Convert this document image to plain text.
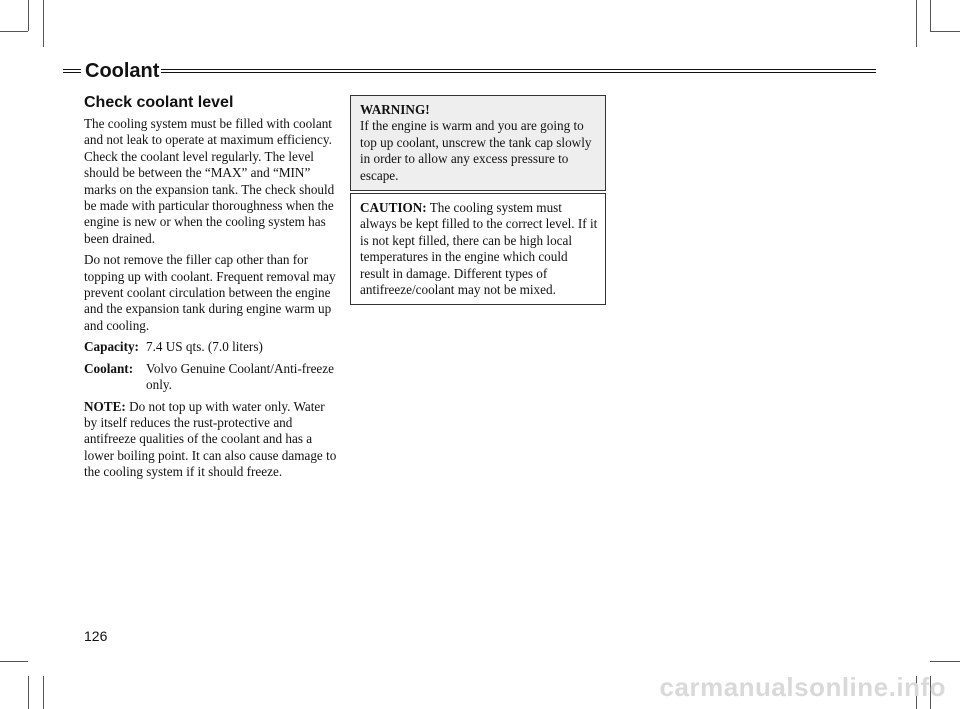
Coolant
Check coolant level

The cooling system must be filled with coolant and not leak to operate at maximum efficiency. Check the coolant level regularly. The level should be between the “MAX” and “MIN” marks on the expansion tank. The check should be made with particular thoroughness when the engine is new or when the cooling system has been drained.

Do not remove the filler cap other than for topping up with coolant. Frequent removal may prevent coolant circulation between the engine and the expansion tank during engine warm up and cooling.

Capacity: 7.4 US qts. (7.0 liters)
Coolant: Volvo Genuine Coolant/Anti-freeze only.

NOTE: Do not top up with water only. Water by itself reduces the rust-protective and antifreeze qualities of the coolant and has a lower boiling point. It can also cause damage to the cooling system if it should freeze.

WARNING!
If the engine is warm and you are going to top up coolant, unscrew the tank cap slowly in order to allow any excess pressure to escape.
CAUTION: The cooling system must always be kept filled to the correct level. If it is not kept filled, there can be high local temperatures in the engine which could result in damage. Different types of antifreeze/coolant may not be mixed.
126
carmanualsonline.info
